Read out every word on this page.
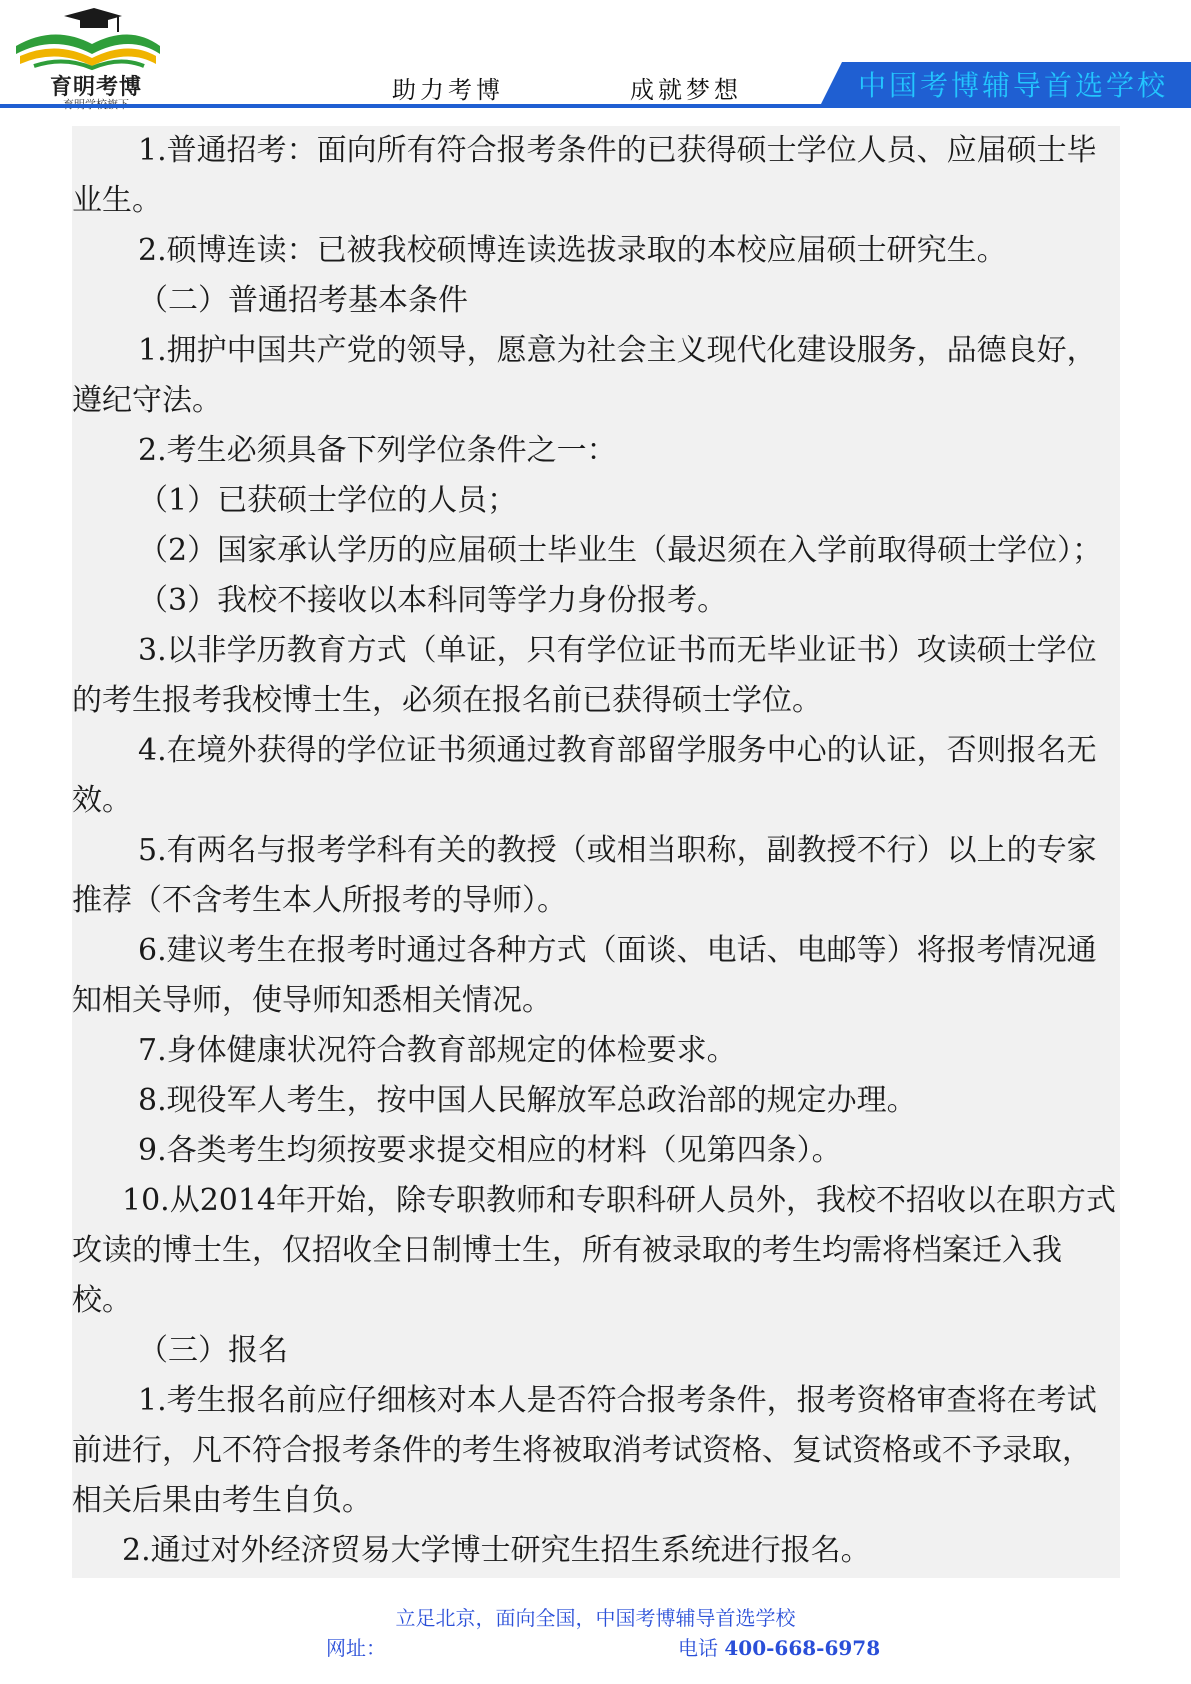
育明考博	助力考博	成就梦想	中国考博辅导首选学校

1.普通招考：面向所有符合报考条件的已获得硕士学位人员、应届硕士毕业生。

2.硕博连读：已被我校硕博连读选拔录取的本校应届硕士研究生。

（二）普通招考基本条件

1.拥护中国共产党的领导，愿意为社会主义现代化建设服务，品德良好，遵纪守法。

2.考生必须具备下列学位条件之一：

（1）已获硕士学位的人员；

（2）国家承认学历的应届硕士毕业生（最迟须在入学前取得硕士学位）；

（3）我校不接收以本科同等学力身份报考。

3.以非学历教育方式（单证，只有学位证书而无毕业证书）攻读硕士学位的考生报考我校博士生，必须在报名前已获得硕士学位。

4.在境外获得的学位证书须通过教育部留学服务中心的认证，否则报名无效。

5.有两名与报考学科有关的教授（或相当职称，副教授不行）以上的专家推荐（不含考生本人所报考的导师）。

6.建议考生在报考时通过各种方式（面谈、电话、电邮等）将报考情况通知相关导师，使导师知悉相关情况。

7.身体健康状况符合教育部规定的体检要求。

8.现役军人考生，按中国人民解放军总政治部的规定办理。

9.各类考生均须按要求提交相应的材料（见第四条）。

10.从2014年开始，除专职教师和专职科研人员外，我校不招收以在职方式攻读的博士生，仅招收全日制博士生，所有被录取的考生均需将档案迁入我校。

（三）报名

1.考生报名前应仔细核对本人是否符合报考条件，报考资格审查将在考试前进行，凡不符合报考条件的考生将被取消考试资格、复试资格或不予录取，相关后果由考生自负。

2.通过对外经济贸易大学博士研究生招生系统进行报名。

立足北京，面向全国，中国考博辅导首选学校
网址：	电话 400-668-6978
